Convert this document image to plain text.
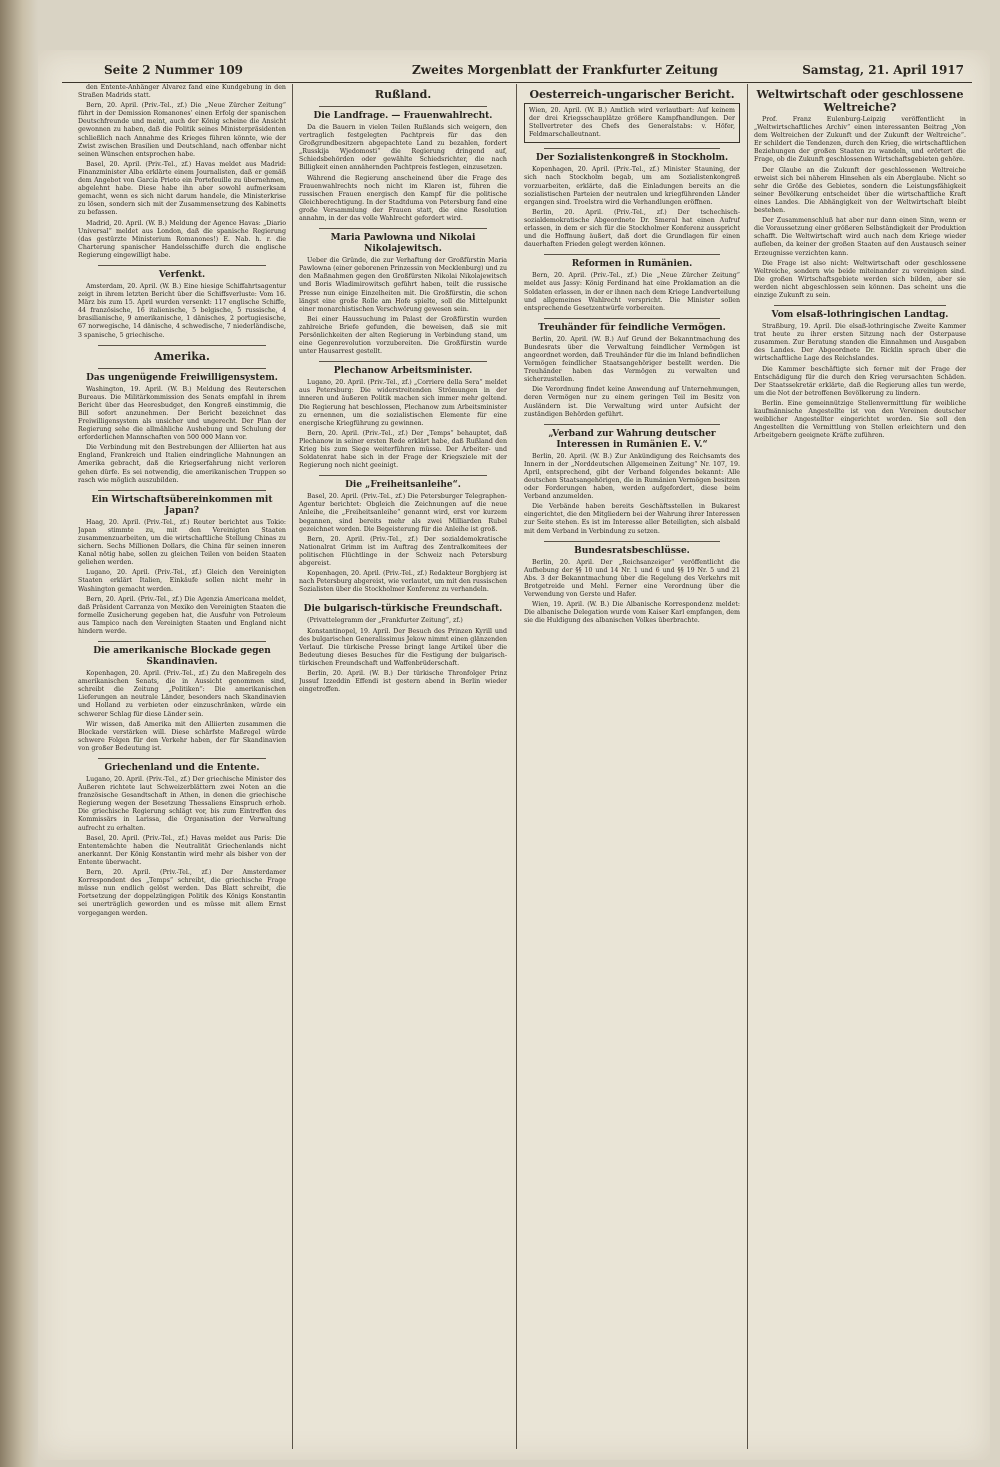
Seite 2 Nummer 109	Zweites Morgenblatt der Frankfurter Zeitung	Samstag, 21. April 1917

den Entente-Anhänger Alvarez fand eine Kundgebung in den Straßen Madrids statt.

Bern, 20. April. (Priv.-Tel., zf.) Die „Neue Zürcher Zeitung“ führt in der Demission Romanones’ einen Erfolg der spanischen Deutschfreunde und meint, auch der König scheine die Ansicht gewonnen zu haben, daß die Politik seines Ministerpräsidenten schließlich nach Annahme des Krieges führen könnte, wie der Zwist zwischen Brasilien und Deutschland, nach offenbar nicht seinen Wünschen entsprochen habe.

Basel, 20. April. (Priv.-Tel., zf.) Havas meldet aus Madrid: Finanzminister Alba erklärte einem Journalisten, daß er gemäß dem Angebot von García Prieto ein Portefeuille zu übernehmen, abgelehnt habe. Diese habe ihn aber sowohl aufmerksam gemacht, wenn es sich nicht darum handele, die Ministerkrise zu lösen, sondern sich mit der Zusammensetzung des Kabinetts zu befassen.

Madrid, 20. April. (W. B.) Meldung der Agence Havas: „Diario Universal“ meldet aus London, daß die spanische Regierung (das gestürzte Ministerium Romanones!) E. Nab. h. r. die Charterung spanischer Handelsschiffe durch die englische Regierung eingewilligt habe.

Verfenkt.

Amsterdam, 20. April. (W. B.) Eine hiesige Schiffahrtsagentur zeigt in ihrem letzten Bericht über die Schiffsverluste: Vom 16. März bis zum 15. April wurden versenkt: 117 englische Schiffe, 44 französische, 16 italienische, 5 belgische, 5 russische, 4 brasilianische, 9 amerikanische, 1 dänisches, 2 portugiesische, 67 norwegische, 14 dänische, 4 schwedische, 7 niederländische, 3 spanische, 5 griechische.

Amerika.
Das ungenügende Freiwilligensystem.

Washington, 19. April. (W. B.) Meldung des Reuterschen Bureaus. Die Militärkommission des Senats empfahl in ihrem Bericht über das Heeresbudget, den Kongreß einstimmig, die Bill sofort anzunehmen. Der Bericht bezeichnet das Freiwilligensystem als unsicher und ungerecht. Der Plan der Regierung sehe die allmähliche Aushebung und Schulung der erforderlichen Mannschaften von 500 000 Mann vor.

Die Verbindung mit den Bestrebungen der Alliierten hat aus England, Frankreich und Italien eindringliche Mahnungen an Amerika gebracht, daß die Kriegserfahrung nicht verloren gehen dürfe. Es sei notwendig, die amerikanischen Truppen so rasch wie möglich auszubilden.

Ein Wirtschaftsübereinkommen mit Japan?

Haag, 20. April. (Priv.-Tel., zf.) Reuter berichtet aus Tokio: Japan stimmte zu, mit den Vereinigten Staaten zusammenzuarbeiten, um die wirtschaftliche Stellung Chinas zu sichern. Sechs Millionen Dollars, die China für seinen inneren Kanal nötig habe, sollen zu gleichen Teilen von beiden Staaten geliehen werden.

Lugano, 20. April. (Priv.-Tel., zf.) Gleich den Vereinigten Staaten erklärt Italien, Einkäufe sollen nicht mehr in Washington gemacht werden.

Bern, 20. April. (Priv.-Tel., zf.) Die Agenzia Americana meldet, daß Präsident Carranza von Mexiko den Vereinigten Staaten die formelle Zusicherung gegeben hat, die Ausfuhr von Petroleum aus Tampico nach den Vereinigten Staaten und England nicht hindern werde.

Die amerikanische Blockade gegen Skandinavien.

Kopenhagen, 20. April. (Priv.-Tel., zf.) Zu den Maßregeln des amerikanischen Senats, die in Aussicht genommen sind, schreibt die Zeitung „Politiken“: Die amerikanischen Lieferungen an neutrale Länder, besonders nach Skandinavien und Holland zu verbieten oder einzuschränken, würde ein schwerer Schlag für diese Länder sein.

Wir wissen, daß Amerika mit den Alliierten zusammen die Blockade verstärken will. Diese schärfste Maßregel würde schwere Folgen für den Verkehr haben, der für Skandinavien von großer Bedeutung ist.

Griechenland und die Entente.

Lugano, 20. April. (Priv.-Tel., zf.) Der griechische Minister des Äußeren richtete laut Schweizerblättern zwei Noten an die französische Gesandtschaft in Athen, in denen die griechische Regierung wegen der Besetzung Thessaliens Einspruch erhob. Die griechische Regierung schlägt vor, bis zum Eintreffen des Kommissärs in Larissa, die Organisation der Verwaltung aufrecht zu erhalten.

Basel, 20. April. (Priv.-Tel., zf.) Havas meldet aus Paris: Die Ententemächte haben die Neutralität Griechenlands nicht anerkannt. Der König Konstantin wird mehr als bisher von der Entente überwacht.

Bern, 20. April. (Priv.-Tel., zf.) Der Amsterdamer Korrespondent des „Temps“ schreibt, die griechische Frage müsse nun endlich gelöst werden. Das Blatt schreibt, die Fortsetzung der doppelzüngigen Politik des Königs Konstantin sei unerträglich geworden und es müsse mit allem Ernst vorgegangen werden.

Rußland.
Die Landfrage. — Frauenwahlrecht.

Da die Bauern in vielen Teilen Rußlands sich weigern, den vertraglich festgelegten Pachtpreis für das den Großgrundbesitzern abgepachtete Land zu bezahlen, fordert „Russkija Wjedomosti“ die Regierung dringend auf, Schiedsbehörden oder gewählte Schiedsrichter, die nach Billigkeit einen annähernden Pachtpreis festlegen, einzusetzen.

Während die Regierung anscheinend über die Frage des Frauenwahlrechts noch nicht im Klaren ist, führen die russischen Frauen energisch den Kampf für die politische Gleichberechtigung. In der Stadtduma von Petersburg fand eine große Versammlung der Frauen statt, die eine Resolution annahm, in der das volle Wahlrecht gefordert wird.

Maria Pawlowna und Nikolai Nikolajewitsch.

Ueber die Gründe, die zur Verhaftung der Großfürstin Maria Pawlowna (einer geborenen Prinzessin von Mecklenburg) und zu den Maßnahmen gegen den Großfürsten Nikolai Nikolajewitsch und Boris Wladimirowitsch geführt haben, teilt die russische Presse nun einige Einzelheiten mit. Die Großfürstin, die schon längst eine große Rolle am Hofe spielte, soll die Mittelpunkt einer monarchistischen Verschwörung gewesen sein.

Bei einer Haussuchung im Palast der Großfürstin wurden zahlreiche Briefe gefunden, die beweisen, daß sie mit Persönlichkeiten der alten Regierung in Verbindung stand, um eine Gegenrevolution vorzubereiten. Die Großfürstin wurde unter Hausarrest gestellt.

Plechanow Arbeitsminister.

Lugano, 20. April. (Priv.-Tel., zf.) „Corriere della Sera“ meldet aus Petersburg: Die widerstreitenden Strömungen in der inneren und äußeren Politik machen sich immer mehr geltend. Die Regierung hat beschlossen, Plechanow zum Arbeitsminister zu ernennen, um die sozialistischen Elemente für eine energische Kriegführung zu gewinnen.

Bern, 20. April. (Priv.-Tel., zf.) Der „Temps“ behauptet, daß Plechanow in seiner ersten Rede erklärt habe, daß Rußland den Krieg bis zum Siege weiterführen müsse. Der Arbeiter- und Soldatenrat habe sich in der Frage der Kriegsziele mit der Regierung noch nicht geeinigt.

Die „Freiheitsanleihe“.

Basel, 20. April. (Priv.-Tel., zf.) Die Petersburger Telegraphen-Agentur berichtet: Obgleich die Zeichnungen auf die neue Anleihe, die „Freiheitsanleihe“ genannt wird, erst vor kurzem begannen, sind bereits mehr als zwei Milliarden Rubel gezeichnet worden. Die Begeisterung für die Anleihe ist groß.

Bern, 20. April. (Priv.-Tel., zf.) Der sozialdemokratische Nationalrat Grimm ist im Auftrag des Zentralkomitees der politischen Flüchtlinge in der Schweiz nach Petersburg abgereist.

Kopenhagen, 20. April. (Priv.-Tel., zf.) Redakteur Borgbjerg ist nach Petersburg abgereist, wie verlautet, um mit den russischen Sozialisten über die Stockholmer Konferenz zu verhandeln.

Die bulgarisch-türkische Freundschaft.

(Privattelegramm der „Frankfurter Zeitung“, zf.)

Konstantinopel, 19. April. Der Besuch des Prinzen Kyrill und des bulgarischen Generalissimus Jekow nimmt einen glänzenden Verlauf. Die türkische Presse bringt lange Artikel über die Bedeutung dieses Besuches für die Festigung der bulgarisch-türkischen Freundschaft und Waffenbrüderschaft.

Berlin, 20. April. (W. B.) Der türkische Thronfolger Prinz Jussuf Izzeddin Effendi ist gestern abend in Berlin wieder eingetroffen.

Oesterreich-ungarischer Bericht.
Wien, 20. April. (W. B.) Amtlich wird verlautbart: Auf keinem der drei Kriegsschauplätze größere Kampfhandlungen. Der Stellvertreter des Chefs des Generalstabs: v. Höfer, Feldmarschalleutnant.
Der Sozialistenkongreß in Stockholm.

Kopenhagen, 20. April. (Priv.-Tel., zf.) Minister Stauning, der sich nach Stockholm begab, um am Sozialistenkongreß vorzuarbeiten, erklärte, daß die Einladungen bereits an die sozialistischen Parteien der neutralen und kriegführenden Länder ergangen sind. Troelstra wird die Verhandlungen eröffnen.

Berlin, 20. April. (Priv.-Tel., zf.) Der tschechisch-sozialdemokratische Abgeordnete Dr. Smeral hat einen Aufruf erlassen, in dem er sich für die Stockholmer Konferenz ausspricht und die Hoffnung äußert, daß dort die Grundlagen für einen dauerhaften Frieden gelegt werden können.

Reformen in Rumänien.

Bern, 20. April. (Priv.-Tel., zf.) Die „Neue Zürcher Zeitung“ meldet aus Jassy: König Ferdinand hat eine Proklamation an die Soldaten erlassen, in der er ihnen nach dem Kriege Landverteilung und allgemeines Wahlrecht verspricht. Die Minister sollen entsprechende Gesetzentwürfe vorbereiten.

Treuhänder für feindliche Vermögen.

Berlin, 20. April. (W. B.) Auf Grund der Bekanntmachung des Bundesrats über die Verwaltung feindlicher Vermögen ist angeordnet worden, daß Treuhänder für die im Inland befindlichen Vermögen feindlicher Staatsangehöriger bestellt werden. Die Treuhänder haben das Vermögen zu verwalten und sicherzustellen.

Die Verordnung findet keine Anwendung auf Unternehmungen, deren Vermögen nur zu einem geringen Teil im Besitz von Ausländern ist. Die Verwaltung wird unter Aufsicht der zuständigen Behörden geführt.

„Verband zur Wahrung deutscher Interessen in Rumänien E. V.“

Berlin, 20. April. (W. B.) Zur Ankündigung des Reichsamts des Innern in der „Norddeutschen Allgemeinen Zeitung“ Nr. 107, 19. April, entsprechend, gibt der Verband folgendes bekannt: Alle deutschen Staatsangehörigen, die in Rumänien Vermögen besitzen oder Forderungen haben, werden aufgefordert, diese beim Verband anzumelden.

Die Verbände haben bereits Geschäftsstellen in Bukarest eingerichtet, die den Mitgliedern bei der Wahrung ihrer Interessen zur Seite stehen. Es ist im Interesse aller Beteiligten, sich alsbald mit dem Verband in Verbindung zu setzen.

Bundesratsbeschlüsse.

Berlin, 20. April. Der „Reichsanzeiger“ veröffentlicht die Aufhebung der §§ 10 und 14 Nr. 1 und 6 und §§ 19 Nr. 5 und 21 Abs. 3 der Bekanntmachung über die Regelung des Verkehrs mit Brotgetreide und Mehl. Ferner eine Verordnung über die Verwendung von Gerste und Hafer.

Wien, 19. April. (W. B.) Die Albanische Korrespondenz meldet: Die albanische Delegation wurde vom Kaiser Karl empfangen, dem sie die Huldigung des albanischen Volkes überbrachte.

Weltwirtschaft oder geschlossene Weltreiche?

Prof. Franz Eulenburg-Leipzig veröffentlicht in „Weltwirtschaftliches Archiv“ einen interessanten Beitrag „Von dem Weltreichen der Zukunft und der Zukunft der Weltreiche“. Er schildert die Tendenzen, durch den Krieg, die wirtschaftlichen Beziehungen der großen Staaten zu wandeln, und erörtert die Frage, ob die Zukunft geschlossenen Wirtschaftsgebieten gehöre.

Der Glaube an die Zukunft der geschlossenen Weltreiche erweist sich bei näherem Hinsehen als ein Aberglaube. Nicht so sehr die Größe des Gebietes, sondern die Leistungsfähigkeit seiner Bevölkerung entscheidet über die wirtschaftliche Kraft eines Landes. Die Abhängigkeit von der Weltwirtschaft bleibt bestehen.

Der Zusammenschluß hat aber nur dann einen Sinn, wenn er die Voraussetzung einer größeren Selbständigkeit der Produktion schafft. Die Weltwirtschaft wird auch nach dem Kriege wieder aufleben, da keiner der großen Staaten auf den Austausch seiner Erzeugnisse verzichten kann.

Die Frage ist also nicht: Weltwirtschaft oder geschlossene Weltreiche, sondern wie beide miteinander zu vereinigen sind. Die großen Wirtschaftsgebiete werden sich bilden, aber sie werden nicht abgeschlossen sein können. Das scheint uns die einzige Zukunft zu sein.

Vom elsaß-lothringischen Landtag.

Straßburg, 19. April. Die elsaß-lothringische Zweite Kammer trat heute zu ihrer ersten Sitzung nach der Osterpause zusammen. Zur Beratung standen die Einnahmen und Ausgaben des Landes. Der Abgeordnete Dr. Ricklin sprach über die wirtschaftliche Lage des Reichslandes.

Die Kammer beschäftigte sich ferner mit der Frage der Entschädigung für die durch den Krieg verursachten Schäden. Der Staatssekretär erklärte, daß die Regierung alles tun werde, um die Not der betroffenen Bevölkerung zu lindern.

Berlin. Eine gemeinnützige Stellenvermittlung für weibliche kaufmännische Angestellte ist von den Vereinen deutscher weiblicher Angestellter eingerichtet worden. Sie soll den Angestellten die Vermittlung von Stellen erleichtern und den Arbeitgebern geeignete Kräfte zuführen.
